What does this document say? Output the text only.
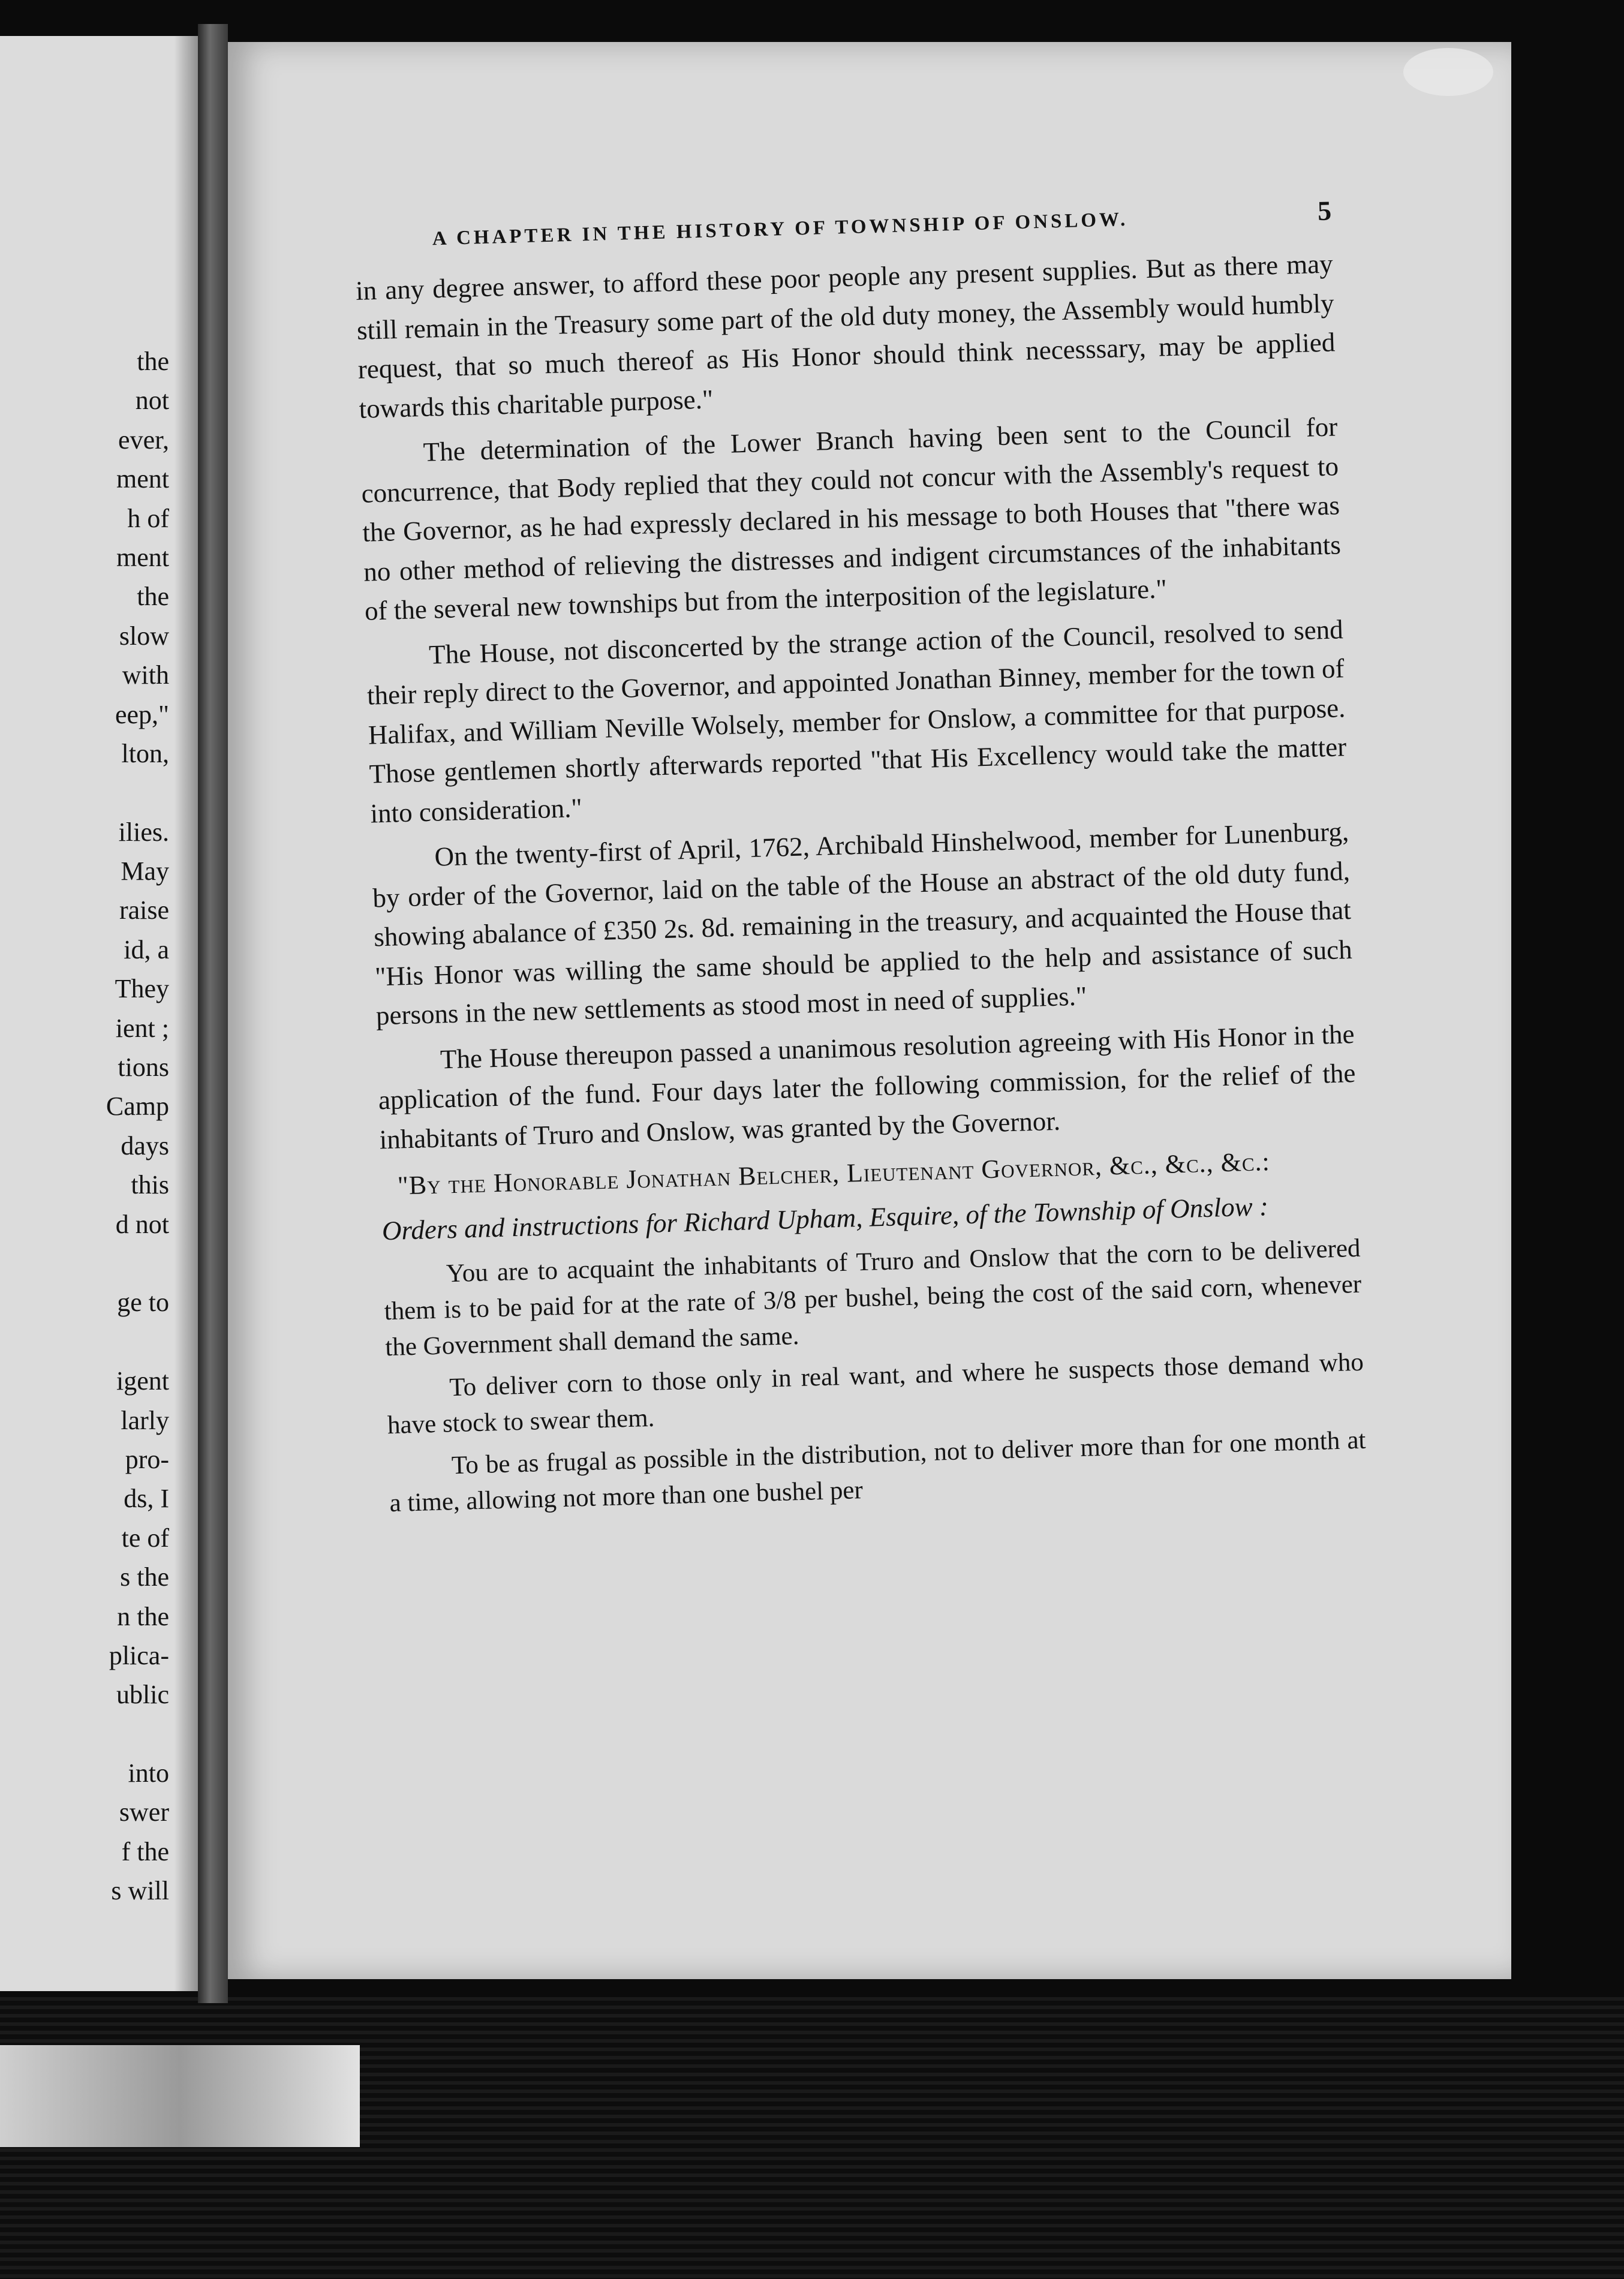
the
not
ever,
ment
h of
ment
the
slow
with
eep,"
lton,
ilies.
May
raise
id, a
They
ient ;
tions
Camp
days
this
d not
ge to
igent
larly
pro-
ds, I
te of
s the
n the
plica-
ublic
into
swer
f the
s will
A CHAPTER IN THE HISTORY OF TOWNSHIP OF ONSLOW.	5

in any degree answer, to afford these poor people any present supplies. But as there may still remain in the Treasury some part of the old duty money, the Assembly would humbly request, that so much thereof as His Honor should think necesssary, may be applied towards this charitable purpose."

The determination of the Lower Branch having been sent to the Council for concurrence, that Body replied that they could not concur with the Assembly's request to the Governor, as he had expressly declared in his message to both Houses that "there was no other method of relieving the distresses and indigent circumstances of the inhabitants of the several new townships but from the interposition of the legislature."

The House, not disconcerted by the strange action of the Council, resolved to send their reply direct to the Governor, and appointed Jonathan Binney, member for the town of Halifax, and William Neville Wolsely, member for Onslow, a committee for that purpose. Those gentlemen shortly afterwards reported "that His Excellency would take the matter into consideration."

On the twenty-first of April, 1762, Archibald Hinshelwood, member for Lunenburg, by order of the Governor, laid on the table of the House an abstract of the old duty fund, showing abalance of £350 2s. 8d. remaining in the treasury, and acquainted the House that "His Honor was willing the same should be applied to the help and assistance of such persons in the new settlements as stood most in need of supplies."

The House thereupon passed a unanimous resolution agreeing with His Honor in the application of the fund. Four days later the following commission, for the relief of the inhabitants of Truro and Onslow, was granted by the Governor.

"By the Honorable Jonathan Belcher, Lieutenant Governor, &c., &c., &c.:
Orders and instructions for Richard Upham, Esquire, of the Township of Onslow :

You are to acquaint the inhabitants of Truro and Onslow that the corn to be delivered them is to be paid for at the rate of 3/8 per bushel, being the cost of the said corn, whenever the Government shall demand the same.

To deliver corn to those only in real want, and where he suspects those demand who have stock to swear them.

To be as frugal as possible in the distribution, not to deliver more than for one month at a time, allowing not more than one bushel per
